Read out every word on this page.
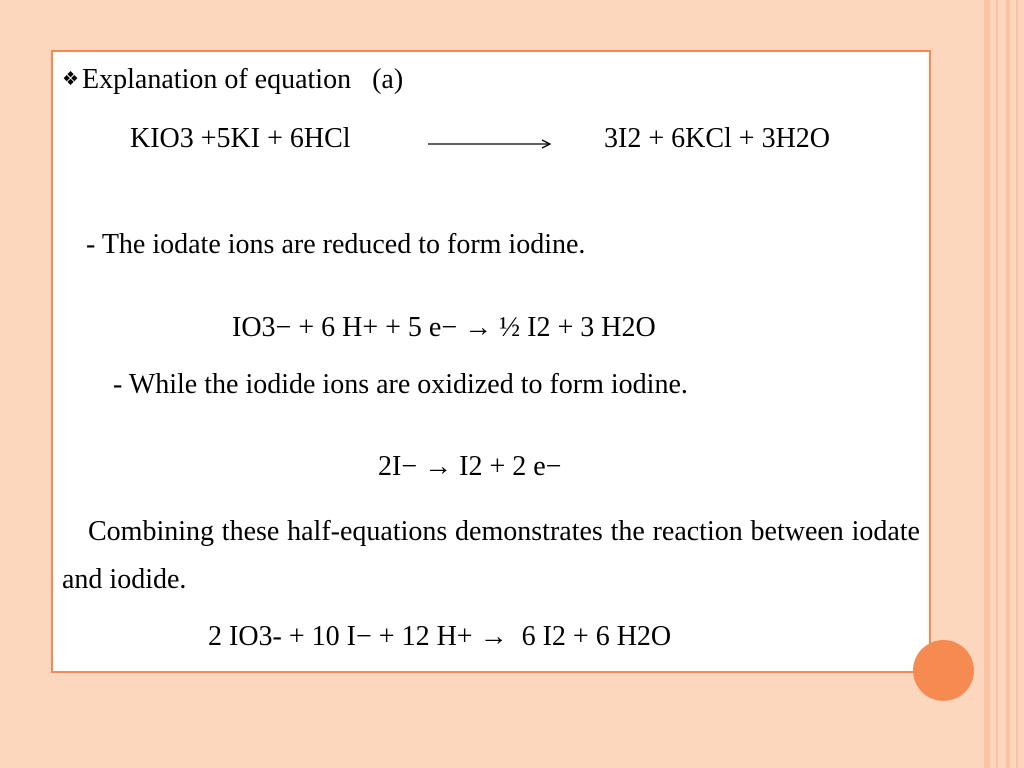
❖ Explanation of equation   (a)
KIO3 +5KI + 6HCl	3I2 + 6KCl + 3H2O
- The iodate ions are reduced to form iodine.
IO3− + 6 H+ + 5 e− → ½ I2 + 3 H2O
- While the iodide ions are oxidized to form iodine.
2I− → I2 + 2 e−
Combining these half-equations demonstrates the reaction between iodate and iodide.
2 IO3- + 10 I− + 12 H+ →  6 I2 + 6 H2O
